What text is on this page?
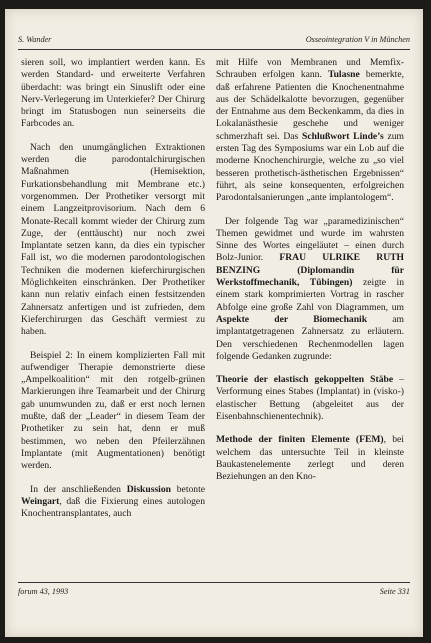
S. Wander	Osseointegration V in München

sieren soll, wo implantiert werden kann. Es werden Standard- und erweiterte Verfahren überdacht: was bringt ein Sinuslift oder eine Nerv-Verlegerung im Unterkiefer? Der Chirurg bringt im Statusbogen nun seinerseits die Farbcodes an.

Nach den unumgänglichen Extraktionen werden die parodontalchirurgischen Maßnahmen (Hemisektion, Furkationsbehandlung mit Membrane etc.) vorgenommen. Der Prothetiker versorgt mit einem Langzeitprovisorium. Nach dem 6 Monate-Recall kommt wieder der Chirurg zum Zuge, der (enttäuscht) nur noch zwei Implantate setzen kann, da dies ein typischer Fall ist, wo die modernen parodontologischen Techniken die modernen kieferchirurgischen Möglichkeiten einschränken. Der Prothetiker kann nun relativ einfach einen festsitzenden Zahnersatz anfertigen und ist zufrieden, dem Kieferchirurgen das Geschäft vermiest zu haben.

Beispiel 2: In einem komplizierten Fall mit aufwendiger Therapie demonstrierte diese „Ampelkoalition“ mit den rotgelb-grünen Markierungen ihre Teamarbeit und der Chirurg gab unumwunden zu, daß er erst noch lernen mußte, daß der „Leader“ in diesem Team der Prothetiker zu sein hat, denn er muß bestimmen, wo neben den Pfeilerzähnen Implantate (mit Augmentationen) benötigt werden.

In der anschließenden Diskussion betonte Weingart, daß die Fixierung eines autologen Knochentransplantates, auch

mit Hilfe von Membranen und Memfix-Schrauben erfolgen kann. Tulasne bemerkte, daß erfahrene Patienten die Knochenentnahme aus der Schädelkalotte bevorzugen, gegenüber der Entnahme aus dem Beckenkamm, da dies in Lokalanästhesie geschehe und weniger schmerzhaft sei. Das Schlußwort Linde’s zum ersten Tag des Symposiums war ein Lob auf die moderne Knochenchirurgie, welche zu „so viel besseren prothetisch-ästhetischen Ergebnissen“ führt, als seine konsequenten, erfolgreichen Parodontalsanierungen „ante implantologem“.

Der folgende Tag war „paramedizinischen“ Themen gewidmet und wurde im wahrsten Sinne des Wortes eingeläutet – einen durch Bolz-Junior. FRAU ULRIKE RUTH BENZING (Diplomandin für Werkstoffmechanik, Tübingen) zeigte in einem stark komprimierten Vortrag in rascher Abfolge eine große Zahl von Diagrammen, um Aspekte der Biomechanik am implantatgetragenen Zahnersatz zu erläutern. Den verschiedenen Rechenmodellen lagen folgende Gedanken zugrunde:

Theorie der elastisch gekoppelten Stäbe – Verformung eines Stabes (Implantat) in (visko-) elastischer Bettung (abgeleitet aus der Eisenbahnschienentechnik).

Methode der finiten Elemente (FEM), bei welchem das untersuchte Teil in kleinste Baukastenelemente zerlegt und deren Beziehungen an den Kno-

forum 43, 1993	Seite 331
